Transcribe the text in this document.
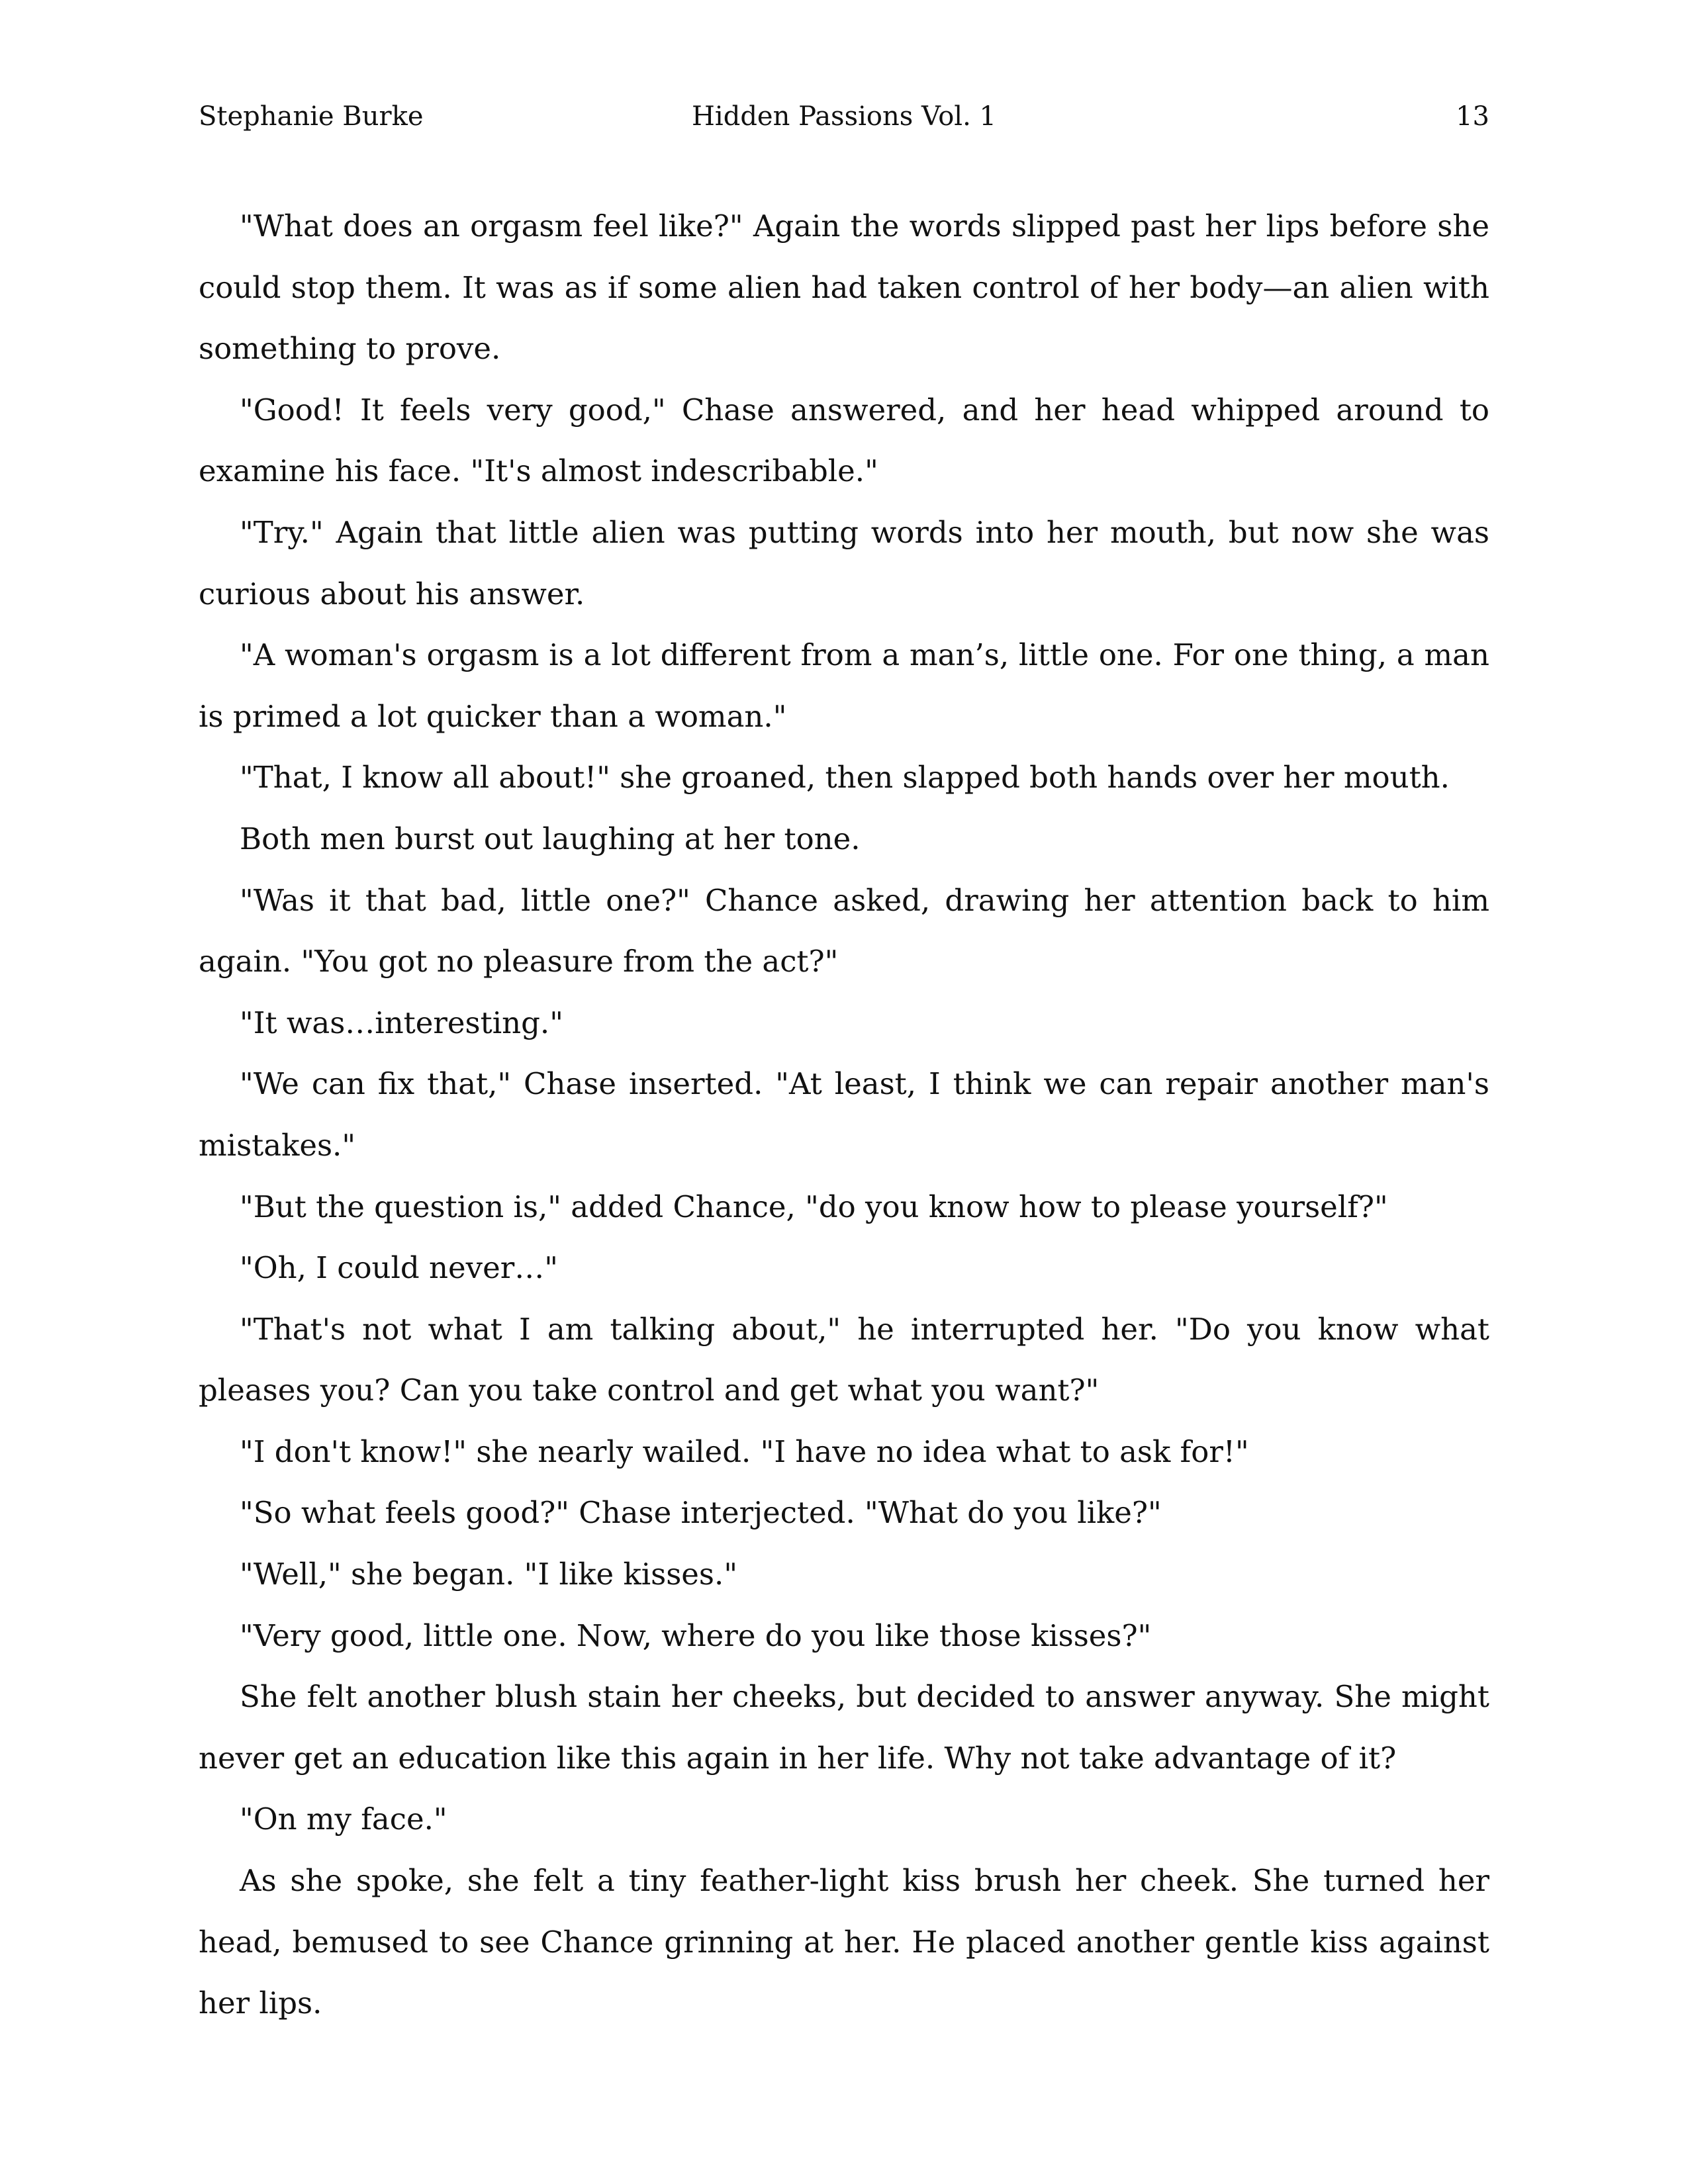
Stephanie Burke	Hidden Passions Vol. 1	13

"What does an orgasm feel like?" Again the words slipped past her lips before she could stop them. It was as if some alien had taken control of her body—an alien with something to prove.

"Good! It feels very good," Chase answered, and her head whipped around to examine his face. "It's almost indescribable."

"Try." Again that little alien was putting words into her mouth, but now she was curious about his answer.

"A woman's orgasm is a lot different from a man’s, little one. For one thing, a man is primed a lot quicker than a woman."

"That, I know all about!" she groaned, then slapped both hands over her mouth.

Both men burst out laughing at her tone.

"Was it that bad, little one?" Chance asked, drawing her attention back to him again. "You got no pleasure from the act?"

"It was…interesting."

"We can fix that," Chase inserted. "At least, I think we can repair another man's mistakes."

"But the question is," added Chance, "do you know how to please yourself?"

"Oh, I could never…"

"That's not what I am talking about," he interrupted her. "Do you know what pleases you? Can you take control and get what you want?"

"I don't know!" she nearly wailed. "I have no idea what to ask for!"

"So what feels good?" Chase interjected. "What do you like?"

"Well," she began. "I like kisses."

"Very good, little one. Now, where do you like those kisses?"

She felt another blush stain her cheeks, but decided to answer anyway. She might never get an education like this again in her life. Why not take advantage of it?

"On my face."

As she spoke, she felt a tiny feather-light kiss brush her cheek. She turned her head, bemused to see Chance grinning at her. He placed another gentle kiss against her lips.
